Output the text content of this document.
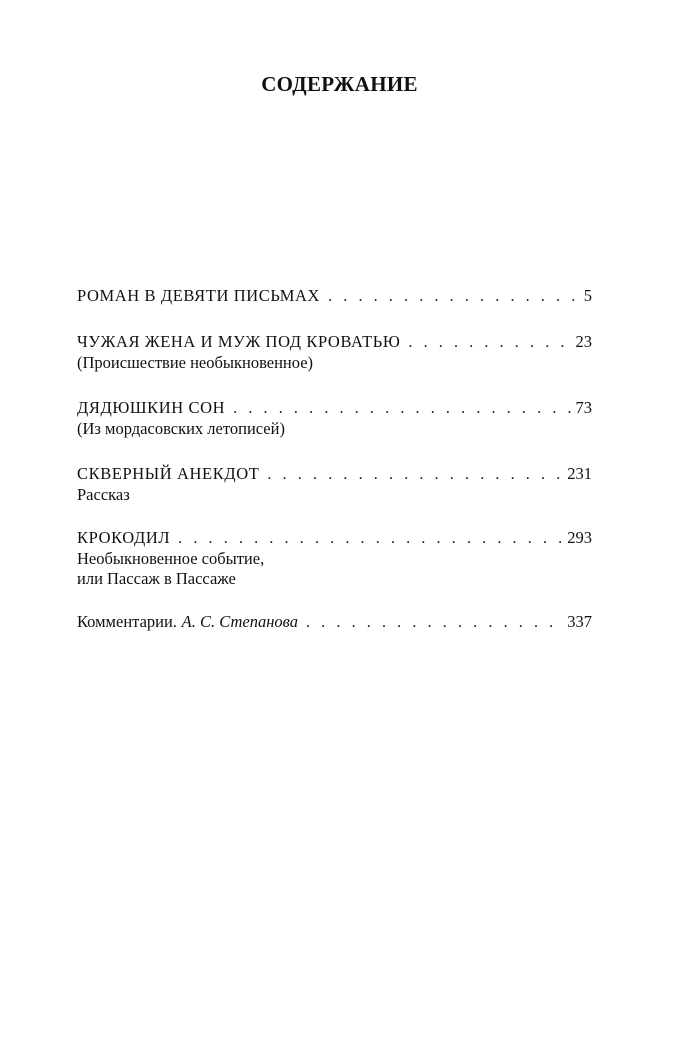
СОДЕРЖАНИЕ
РОМАН В ДЕВЯТИ ПИСЬМАХ . . .	5
ЧУЖАЯ ЖЕНА И МУЖ ПОД КРОВАТЬЮ . . .	23
(Происшествие необыкновенное)
ДЯДЮШКИН СОН . . .	73
(Из мордасовских летописей)
СКВЕРНЫЙ АНЕКДОТ . . .	231
Рассказ
КРОКОДИЛ . . .	293
Необыкновенное событие,
или Пассаж в Пассаже
Комментарии. А. С. Степанова . . .	337
